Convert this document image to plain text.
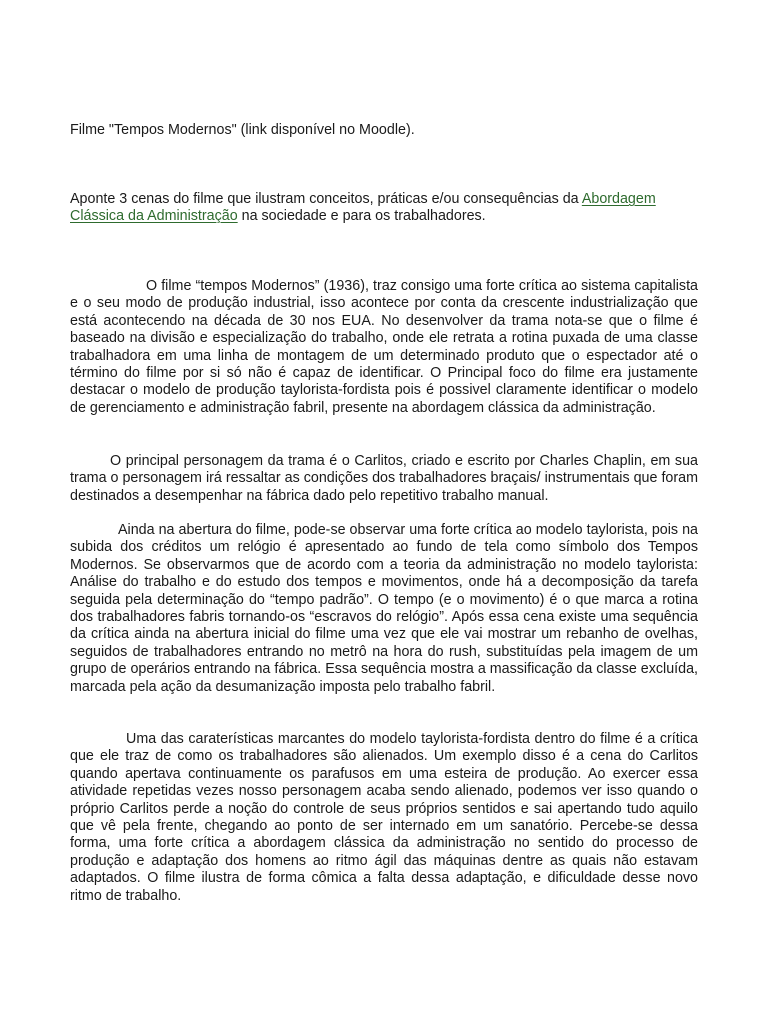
Filme "Tempos Modernos" (link disponível no Moodle).
Aponte 3 cenas do filme que ilustram conceitos, práticas e/ou consequências da Abordagem Clássica da Administração na sociedade e para os trabalhadores.

O filme “tempos Modernos” (1936), traz consigo uma forte crítica ao sistema capitalista e o seu modo de produção industrial, isso acontece por conta da crescente industrialização que está acontecendo na década de 30 nos EUA. No desenvolver da trama nota-se que o filme é baseado na divisão e especialização do trabalho, onde ele retrata a rotina puxada de uma classe trabalhadora em uma linha de montagem de um determinado produto que o espectador até o término do filme por si só não é capaz de identificar. O Principal foco do filme era justamente destacar o modelo de produção taylorista-fordista pois é possivel claramente identificar o modelo de gerenciamento e administração fabril, presente na abordagem clássica da administração.

O principal personagem da trama é o Carlitos, criado e escrito por Charles Chaplin, em sua trama o personagem irá ressaltar as condições dos trabalhadores braçais/ instrumentais que foram destinados a desempenhar na fábrica dado pelo repetitivo trabalho manual.

Ainda na abertura do filme, pode-se observar uma forte crítica ao modelo taylorista, pois na subida dos créditos um relógio é apresentado ao fundo de tela como símbolo dos Tempos Modernos. Se observarmos que de acordo com a teoria da administração no modelo taylorista: Análise do trabalho e do estudo dos tempos e movimentos, onde há a decomposição da tarefa seguida pela determinação do “tempo padrão”. O tempo (e o movimento) é o que marca a rotina dos trabalhadores fabris tornando-os “escravos do relógio”. Após essa cena existe uma sequência da crítica ainda na abertura inicial do filme uma vez que ele vai mostrar um rebanho de ovelhas, seguidos de trabalhadores entrando no metrô na hora do rush, substituídas pela imagem de um grupo de operários entrando na fábrica. Essa sequência mostra a massificação da classe excluída, marcada pela ação da desumanização imposta pelo trabalho fabril.

Uma das caraterísticas marcantes do modelo taylorista-fordista dentro do filme é a crítica que ele traz de como os trabalhadores são alienados. Um exemplo disso é a cena do Carlitos quando apertava continuamente os parafusos em uma esteira de produção. Ao exercer essa atividade repetidas vezes nosso personagem acaba sendo alienado, podemos ver isso quando o próprio Carlitos perde a noção do controle de seus próprios sentidos e sai apertando tudo aquilo que vê pela frente, chegando ao ponto de ser internado em um sanatório. Percebe-se dessa forma, uma forte crítica a abordagem clássica da administração no sentido do processo de produção e adaptação dos homens ao ritmo ágil das máquinas dentre as quais não estavam adaptados. O filme ilustra de forma cômica a falta dessa adaptação, e dificuldade desse novo ritmo de trabalho.
